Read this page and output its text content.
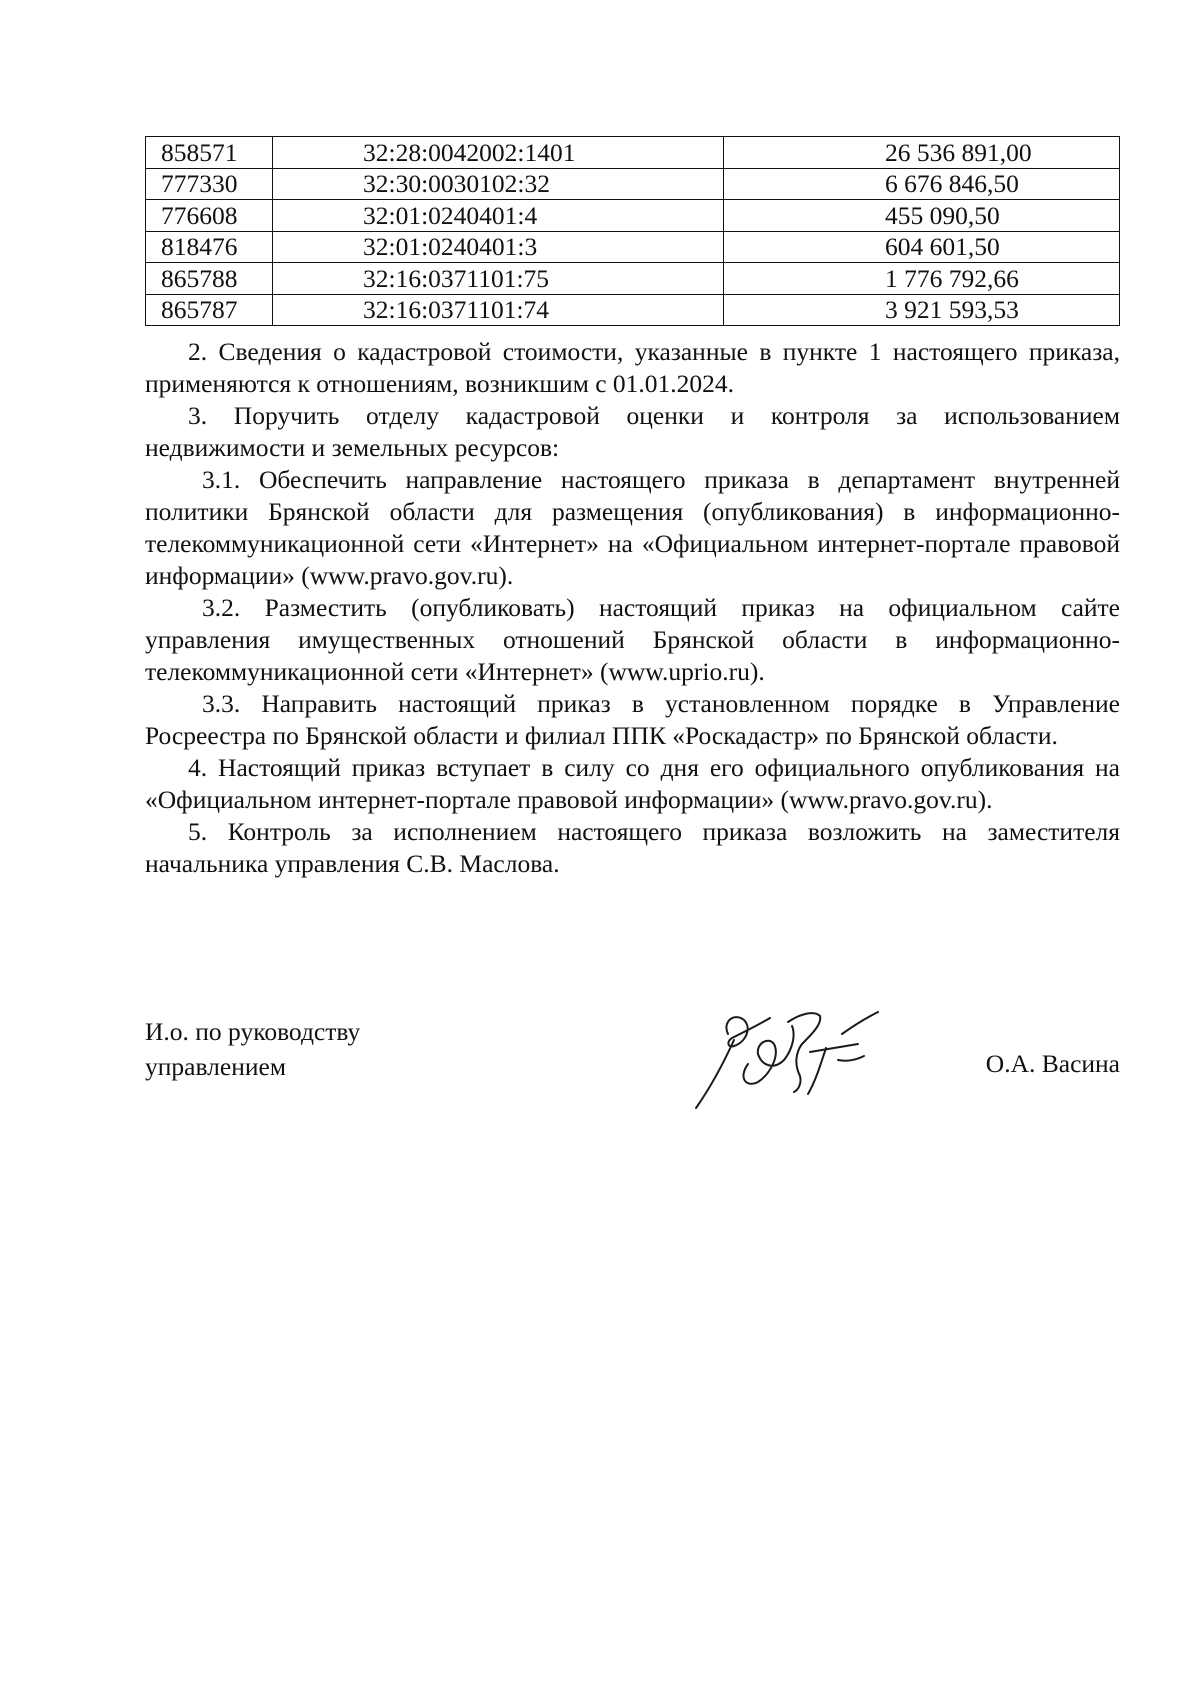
858571	32:28:0042002:1401	26 536 891,00
777330	32:30:0030102:32	6 676 846,50
776608	32:01:0240401:4	455 090,50
818476	32:01:0240401:3	604 601,50
865788	32:16:0371101:75	1 776 792,66
865787	32:16:0371101:74	3 921 593,53

2. Сведения о кадастровой стоимости, указанные в пункте 1 настоящего приказа, применяются к отношениям, возникшим с 01.01.2024.

3. Поручить отделу кадастровой оценки и контроля за использованием недвижимости и земельных ресурсов:

3.1. Обеспечить направление настоящего приказа в департамент внутренней политики Брянской области для размещения (опубликования) в информационно-телекоммуникационной сети «Интернет» на «Официальном интернет-портале правовой информации» (www.pravo.gov.ru).

3.2. Разместить (опубликовать) настоящий приказ на официальном сайте управления имущественных отношений Брянской области в информационно-телекоммуникационной сети «Интернет» (www.uprio.ru).

3.3. Направить настоящий приказ в установленном порядке в Управление Росреестра по Брянской области и филиал ППК «Роскадастр» по Брянской области.

4. Настоящий приказ вступает в силу со дня его официального опубликования на «Официальном интернет-портале правовой информации» (www.pravo.gov.ru).

5. Контроль за исполнением настоящего приказа возложить на заместителя начальника управления С.В. Маслова.

И.о. по руководству
управлением	О.А. Васина
